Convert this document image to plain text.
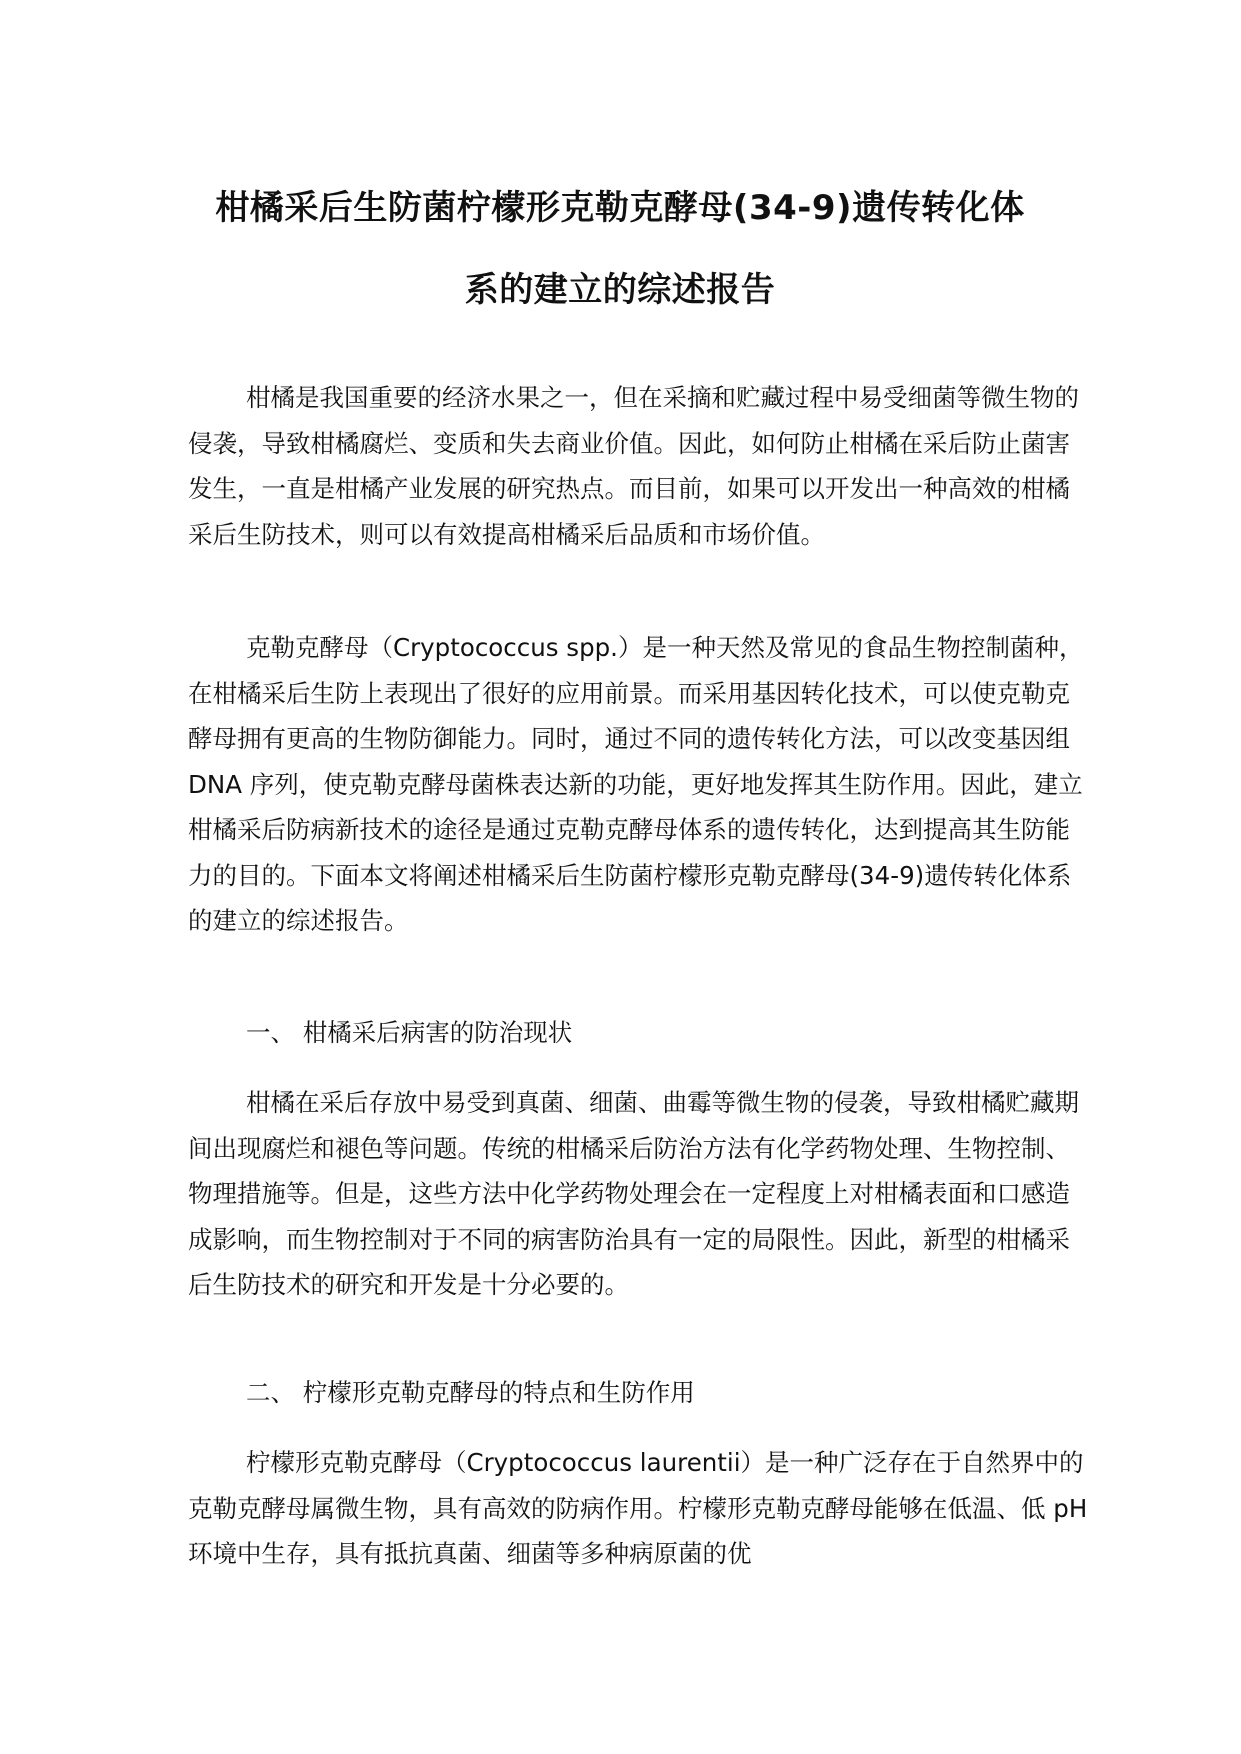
柑橘采后生防菌柠檬形克勒克酵母(34-9)遗传转化体
系的建立的综述报告

柑橘是我国重要的经济水果之一，但在采摘和贮藏过程中易受细菌等微生物的侵袭，导致柑橘腐烂、变质和失去商业价值。因此，如何防止柑橘在采后防止菌害发生，一直是柑橘产业发展的研究热点。而目前，如果可以开发出一种高效的柑橘采后生防技术，则可以有效提高柑橘采后品质和市场价值。

克勒克酵母（Cryptococcus spp.）是一种天然及常见的食品生物控制菌种，在柑橘采后生防上表现出了很好的应用前景。而采用基因转化技术，可以使克勒克酵母拥有更高的生物防御能力。同时，通过不同的遗传转化方法，可以改变基因组 DNA 序列，使克勒克酵母菌株表达新的功能，更好地发挥其生防作用。因此，建立柑橘采后防病新技术的途径是通过克勒克酵母体系的遗传转化，达到提高其生防能力的目的。下面本文将阐述柑橘采后生防菌柠檬形克勒克酵母(34-9)遗传转化体系的建立的综述报告。

一、 柑橘采后病害的防治现状

柑橘在采后存放中易受到真菌、细菌、曲霉等微生物的侵袭，导致柑橘贮藏期间出现腐烂和褪色等问题。传统的柑橘采后防治方法有化学药物处理、生物控制、物理措施等。但是，这些方法中化学药物处理会在一定程度上对柑橘表面和口感造成影响，而生物控制对于不同的病害防治具有一定的局限性。因此，新型的柑橘采后生防技术的研究和开发是十分必要的。

二、 柠檬形克勒克酵母的特点和生防作用

柠檬形克勒克酵母（Cryptococcus laurentii）是一种广泛存在于自然界中的克勒克酵母属微生物，具有高效的防病作用。柠檬形克勒克酵母能够在低温、低 pH 环境中生存，具有抵抗真菌、细菌等多种病原菌的优
